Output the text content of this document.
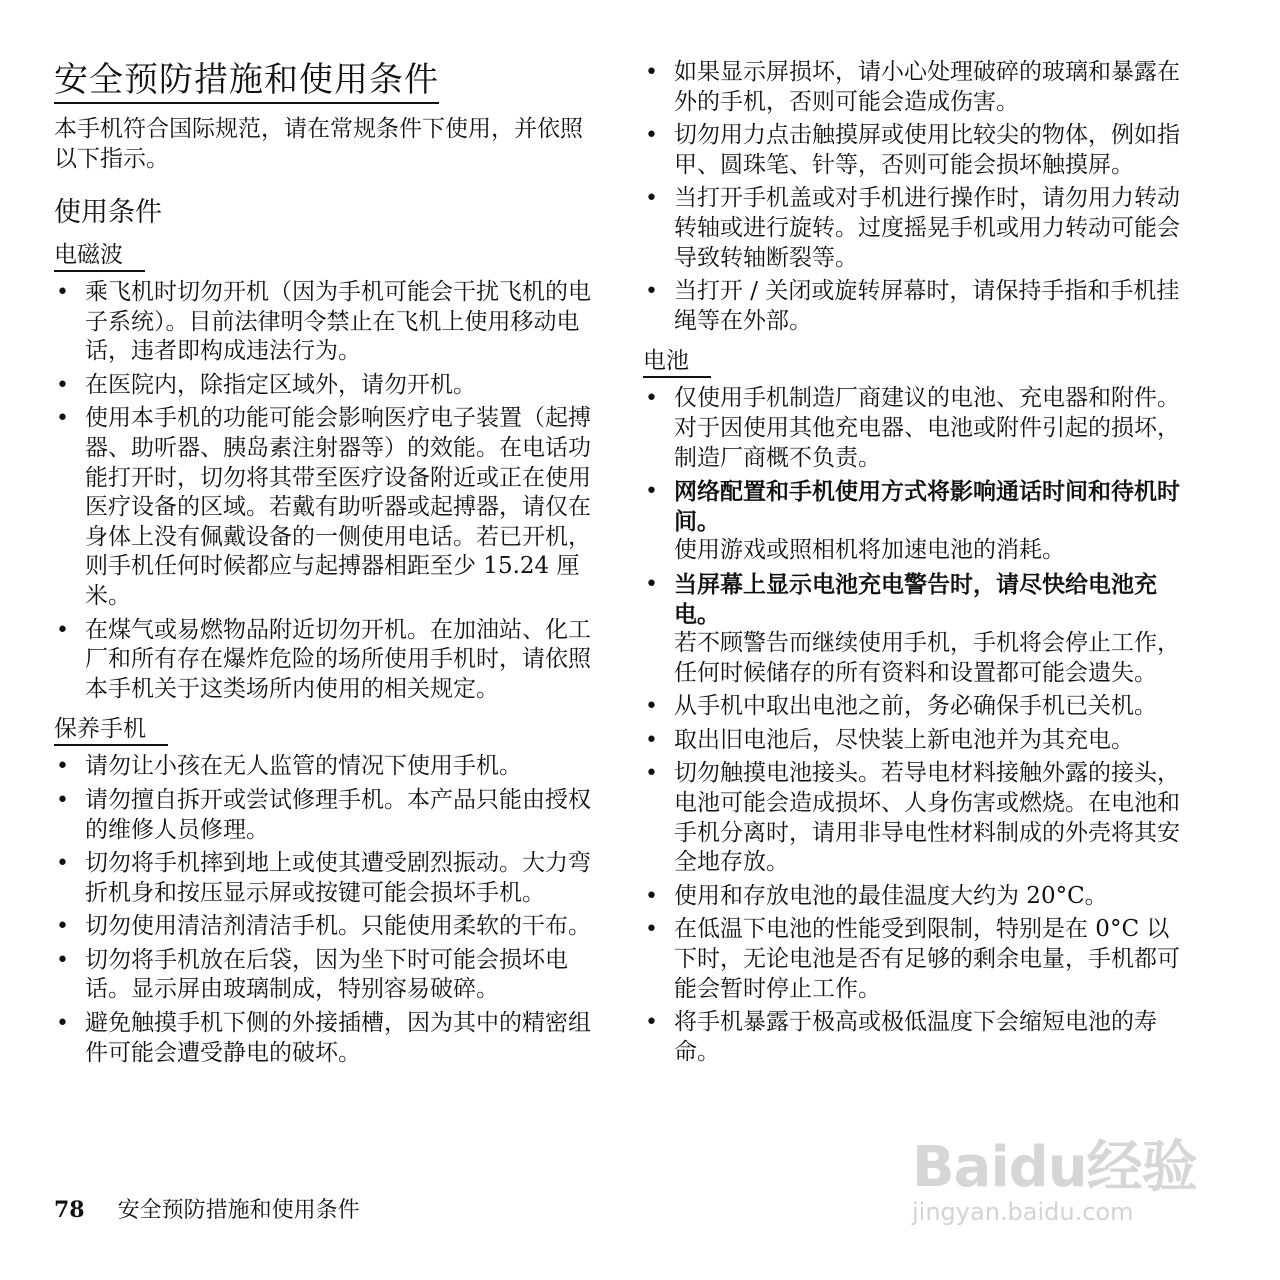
安全预防措施和使用条件

本手机符合国际规范，请在常规条件下使用，并依照以下指示。

使用条件
电磁波
• 乘飞机时切勿开机（因为手机可能会干扰飞机的电子系统）。目前法律明令禁止在飞机上使用移动电话，违者即构成违法行为。
• 在医院内，除指定区域外，请勿开机。
• 使用本手机的功能可能会影响医疗电子装置（起搏器、助听器、胰岛素注射器等）的效能。在电话功能打开时，切勿将其带至医疗设备附近或正在使用医疗设备的区域。若戴有助听器或起搏器，请仅在身体上没有佩戴设备的一侧使用电话。若已开机，则手机任何时候都应与起搏器相距至少 15.24 厘米。
• 在煤气或易燃物品附近切勿开机。在加油站、化工厂和所有存在爆炸危险的场所使用手机时，请依照本手机关于这类场所内使用的相关规定。
保养手机
• 请勿让小孩在无人监管的情况下使用手机。
• 请勿擅自拆开或尝试修理手机。本产品只能由授权的维修人员修理。
• 切勿将手机摔到地上或使其遭受剧烈振动。大力弯折机身和按压显示屏或按键可能会损坏手机。
• 切勿使用清洁剂清洁手机。只能使用柔软的干布。
• 切勿将手机放在后袋，因为坐下时可能会损坏电话。显示屏由玻璃制成，特别容易破碎。
• 避免触摸手机下侧的外接插槽，因为其中的精密组件可能会遭受静电的破坏。
• 如果显示屏损坏，请小心处理破碎的玻璃和暴露在外的手机，否则可能会造成伤害。
• 切勿用力点击触摸屏或使用比较尖的物体，例如指甲、圆珠笔、针等，否则可能会损坏触摸屏。
• 当打开手机盖或对手机进行操作时，请勿用力转动转轴或进行旋转。过度摇晃手机或用力转动可能会导致转轴断裂等。
• 当打开 / 关闭或旋转屏幕时，请保持手指和手机挂绳等在外部。
电池
• 仅使用手机制造厂商建议的电池、充电器和附件。对于因使用其他充电器、电池或附件引起的损坏，制造厂商概不负责。
• 网络配置和手机使用方式将影响通话时间和待机时间。
使用游戏或照相机将加速电池的消耗。
• 当屏幕上显示电池充电警告时，请尽快给电池充电。
若不顾警告而继续使用手机，手机将会停止工作，任何时候储存的所有资料和设置都可能会遗失。
• 从手机中取出电池之前，务必确保手机已关机。
• 取出旧电池后，尽快装上新电池并为其充电。
• 切勿触摸电池接头。若导电材料接触外露的接头，电池可能会造成损坏、人身伤害或燃烧。在电池和手机分离时，请用非导电性材料制成的外壳将其安全地存放。
• 使用和存放电池的最佳温度大约为 20°C。
• 在低温下电池的性能受到限制，特别是在 0°C 以下时，无论电池是否有足够的剩余电量，手机都可能会暂时停止工作。
• 将手机暴露于极高或极低温度下会缩短电池的寿命。
78 安全预防措施和使用条件
Baidu经验
jingyan.baidu.com
